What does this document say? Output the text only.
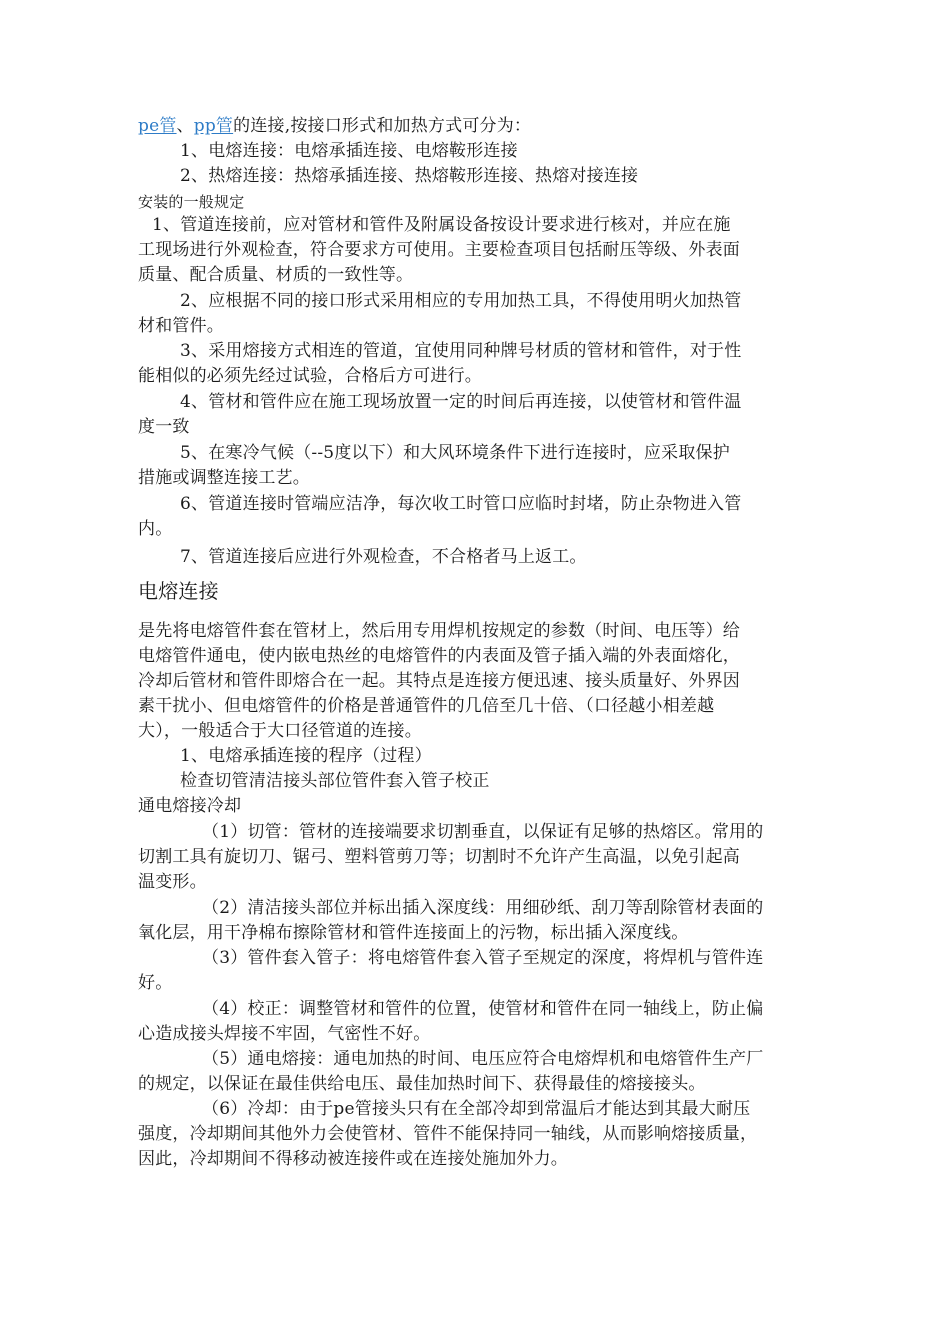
pe管、pp管的连接,按接口形式和加热方式可分为：
1、电熔连接：电熔承插连接、电熔鞍形连接
2、热熔连接：热熔承插连接、热熔鞍形连接、热熔对接连接
安装的一般规定
1、管道连接前，应对管材和管件及附属设备按设计要求进行核对，并应在施
工现场进行外观检查，符合要求方可使用。主要检查项目包括耐压等级、外表面
质量、配合质量、材质的一致性等。
2、应根据不同的接口形式采用相应的专用加热工具，不得使用明火加热管
材和管件。
3、采用熔接方式相连的管道，宜使用同种牌号材质的管材和管件，对于性
能相似的必须先经过试验，合格后方可进行。
4、管材和管件应在施工现场放置一定的时间后再连接，以使管材和管件温
度一致
5、在寒冷气候（--5度以下）和大风环境条件下进行连接时，应采取保护
措施或调整连接工艺。
6、管道连接时管端应洁净，每次收工时管口应临时封堵，防止杂物进入管
内。
7、管道连接后应进行外观检查，不合格者马上返工。
电熔连接
是先将电熔管件套在管材上，然后用专用焊机按规定的参数（时间、电压等）给
电熔管件通电，使内嵌电热丝的电熔管件的内表面及管子插入端的外表面熔化，
冷却后管材和管件即熔合在一起。其特点是连接方便迅速、接头质量好、外界因
素干扰小、但电熔管件的价格是普通管件的几倍至几十倍、（口径越小相差越
大），一般适合于大口径管道的连接。
1、电熔承插连接的程序（过程）
检查切管清洁接头部位管件套入管子校正
通电熔接冷却
（1）切管：管材的连接端要求切割垂直，以保证有足够的热熔区。常用的
切割工具有旋切刀、锯弓、塑料管剪刀等；切割时不允许产生高温，以免引起高
温变形。
（2）清洁接头部位并标出插入深度线：用细砂纸、刮刀等刮除管材表面的
氧化层，用干净棉布擦除管材和管件连接面上的污物，标出插入深度线。
（3）管件套入管子：将电熔管件套入管子至规定的深度，将焊机与管件连
好。
（4）校正：调整管材和管件的位置，使管材和管件在同一轴线上，防止偏
心造成接头焊接不牢固，气密性不好。
（5）通电熔接：通电加热的时间、电压应符合电熔焊机和电熔管件生产厂
的规定，以保证在最佳供给电压、最佳加热时间下、获得最佳的熔接接头。
（6）冷却：由于pe管接头只有在全部冷却到常温后才能达到其最大耐压
强度，冷却期间其他外力会使管材、管件不能保持同一轴线，从而影响熔接质量，
因此，冷却期间不得移动被连接件或在连接处施加外力。
